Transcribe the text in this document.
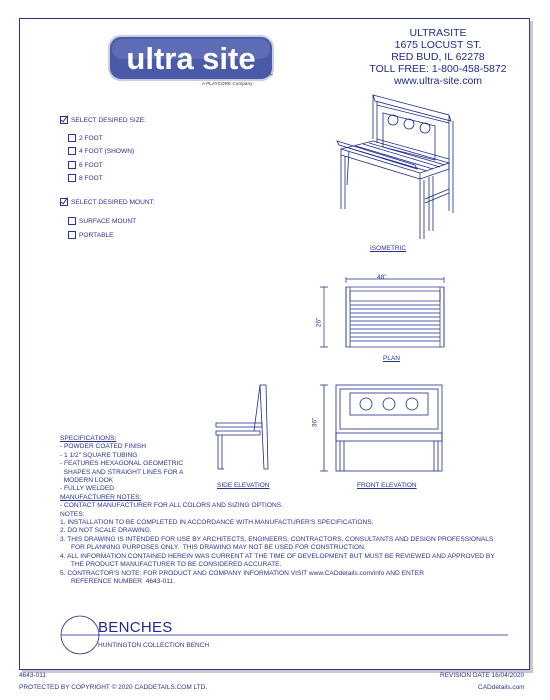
ultra site ™
A PLAYCORE Company
ULTRASITE
1675 LOCUST ST.
RED BUD, IL 62278
TOLL FREE: 1-800-458-5872
www.ultra-site.com
SELECT DESIRED SIZE:
2 FOOT
4 FOOT (SHOWN)
6 FOOT
8 FOOT
SELECT DESIRED MOUNT:
SURFACE MOUNT
PORTABLE
ISOMETRIC
48"
26"
PLAN
SIDE ELEVATION
36"
FRONT ELEVATION
SPECIFICATIONS:
- POWDER COATED FINISH
- 1 1/2" SQUARE TUBING
- FEATURES HEXAGONAL GEOMETRIC
SHAPES AND STRAIGHT LINES FOR A
MODERN LOOK
- FULLY WELDED
MANUFACTURER NOTES:
- CONTACT MANUFACTURER FOR ALL COLORS AND SIZING OPTIONS.
NOTES:
1. INSTALLATION TO BE COMPLETED IN ACCORDANCE WITH MANUFACTURER'S SPECIFICATIONS.
2. DO NOT SCALE DRAWING.
3. THIS DRAWING IS INTENDED FOR USE BY ARCHITECTS, ENGINEERS, CONTRACTORS, CONSULTANTS AND DESIGN PROFESSIONALS
FOR PLANNING PURPOSES ONLY.  THIS DRAWING MAY NOT BE USED FOR CONSTRUCTION.
4. ALL INFORMATION CONTAINED HEREIN WAS CURRENT AT THE TIME OF DEVELOPMENT BUT MUST BE REVIEWED AND APPROVED BY
THE PRODUCT MANUFACTURER TO BE CONSIDERED ACCURATE.
5. CONTRACTOR'S NOTE: FOR PRODUCT AND COMPANY INFORMATION VISIT www.CADdetails.com/info AND ENTER
REFERENCE NUMBER  4643-011.
BENCHES
HUNTINGTON COLLECTION BENCH
4643-011	REVISION DATE 16/04/2020
PROTECTED BY COPYRIGHT © 2020 CADDETAILS.COM LTD.	CADdetails.com
